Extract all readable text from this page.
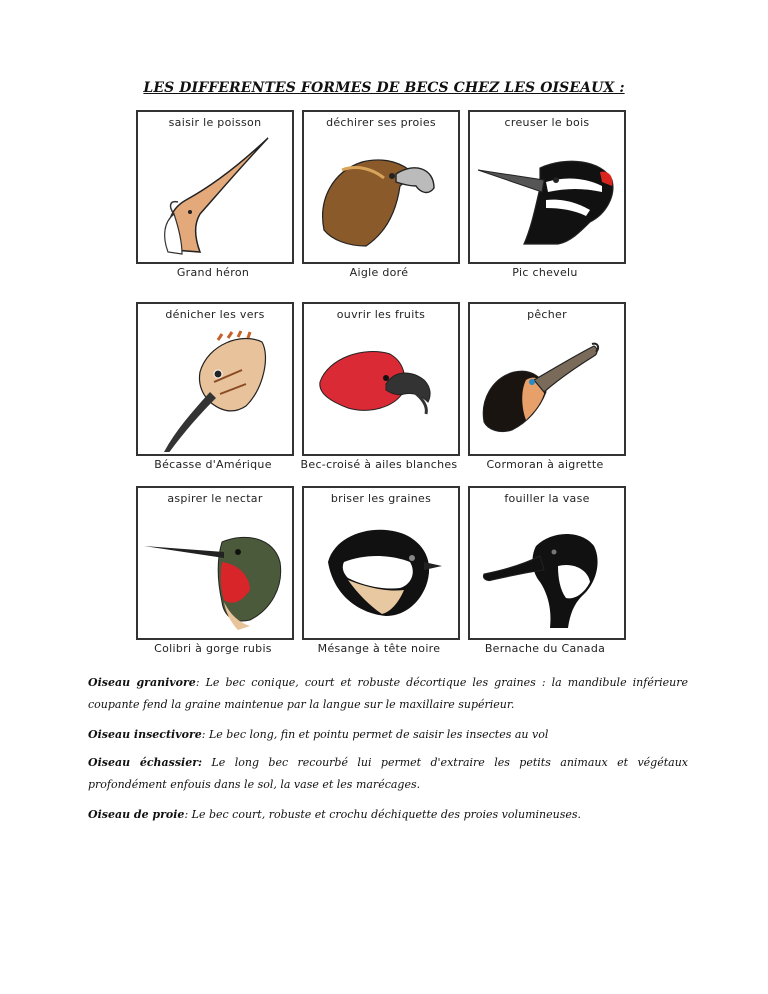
LES DIFFERENTES FORMES DE BECS CHEZ LES OISEAUX :
saisir le poisson
Grand héron
déchirer ses proies
Aigle doré
creuser le bois
Pic chevelu
dénicher les vers
Bécasse d'Amérique
ouvrir les fruits
Bec-croisé à ailes blanches
pêcher
Cormoran à aigrette
aspirer le nectar
Colibri à gorge rubis
briser les graines
Mésange à tête noire
fouiller la vase
Bernache du Canada
Oiseau granivore: Le bec conique, court et robuste décortique les graines : la mandibule inférieure coupante fend la graine maintenue par la langue sur le maxillaire supérieur.
Oiseau insectivore: Le bec long, fin et pointu permet de saisir les insectes au vol
Oiseau échassier: Le long bec recourbé lui permet d'extraire les petits animaux et végétaux profondément enfouis dans le sol, la vase et les marécages.
Oiseau de proie: Le bec court, robuste et crochu déchiquette des proies volumineuses.
